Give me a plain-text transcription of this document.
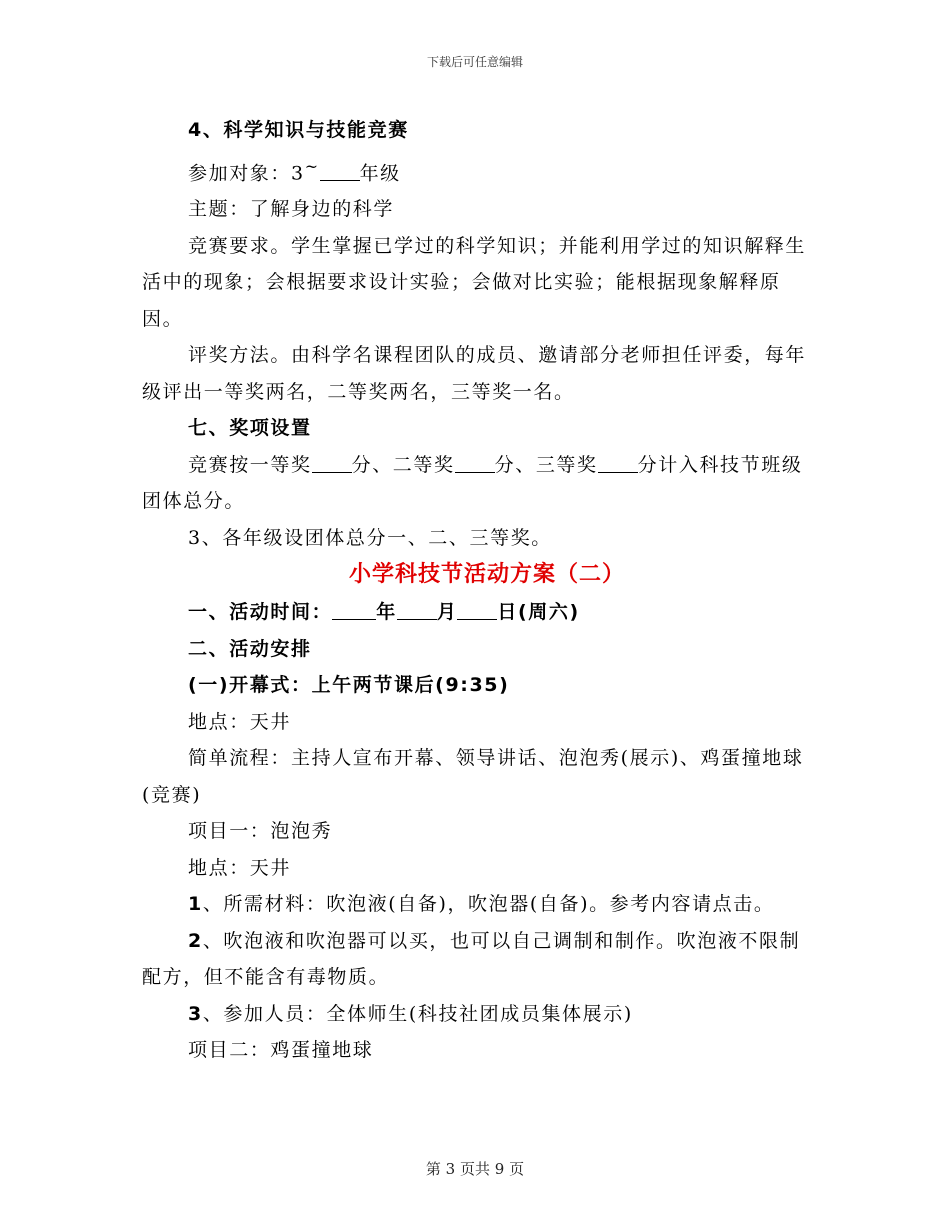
下载后可任意编辑

4、科学知识与技能竞赛

参加对象：3~ 年级

主题：了解身边的科学

竞赛要求。学生掌握已学过的科学知识；并能利用学过的知识解释生活中的现象；会根据要求设计实验；会做对比实验；能根据现象解释原因。

评奖方法。由科学名课程团队的成员、邀请部分老师担任评委，每年级评出一等奖两名，二等奖两名，三等奖一名。

七、奖项设置

竞赛按一等奖 分、二等奖 分、三等奖 分计入科技节班级团体总分。

3、各年级设团体总分一、二、三等奖。

小学科技节活动方案（二）

一、活动时间： 年 月 日(周六)

二、活动安排

(一)开幕式：上午两节课后(9:35)

地点：天井

简单流程：主持人宣布开幕、领导讲话、泡泡秀(展示)、鸡蛋撞地球(竞赛)

项目一：泡泡秀

地点：天井

1、所需材料：吹泡液(自备)，吹泡器(自备)。参考内容请点击。

2、吹泡液和吹泡器可以买，也可以自己调制和制作。吹泡液不限制配方，但不能含有毒物质。

3、参加人员：全体师生(科技社团成员集体展示)

项目二：鸡蛋撞地球

第 3 页共 9 页
